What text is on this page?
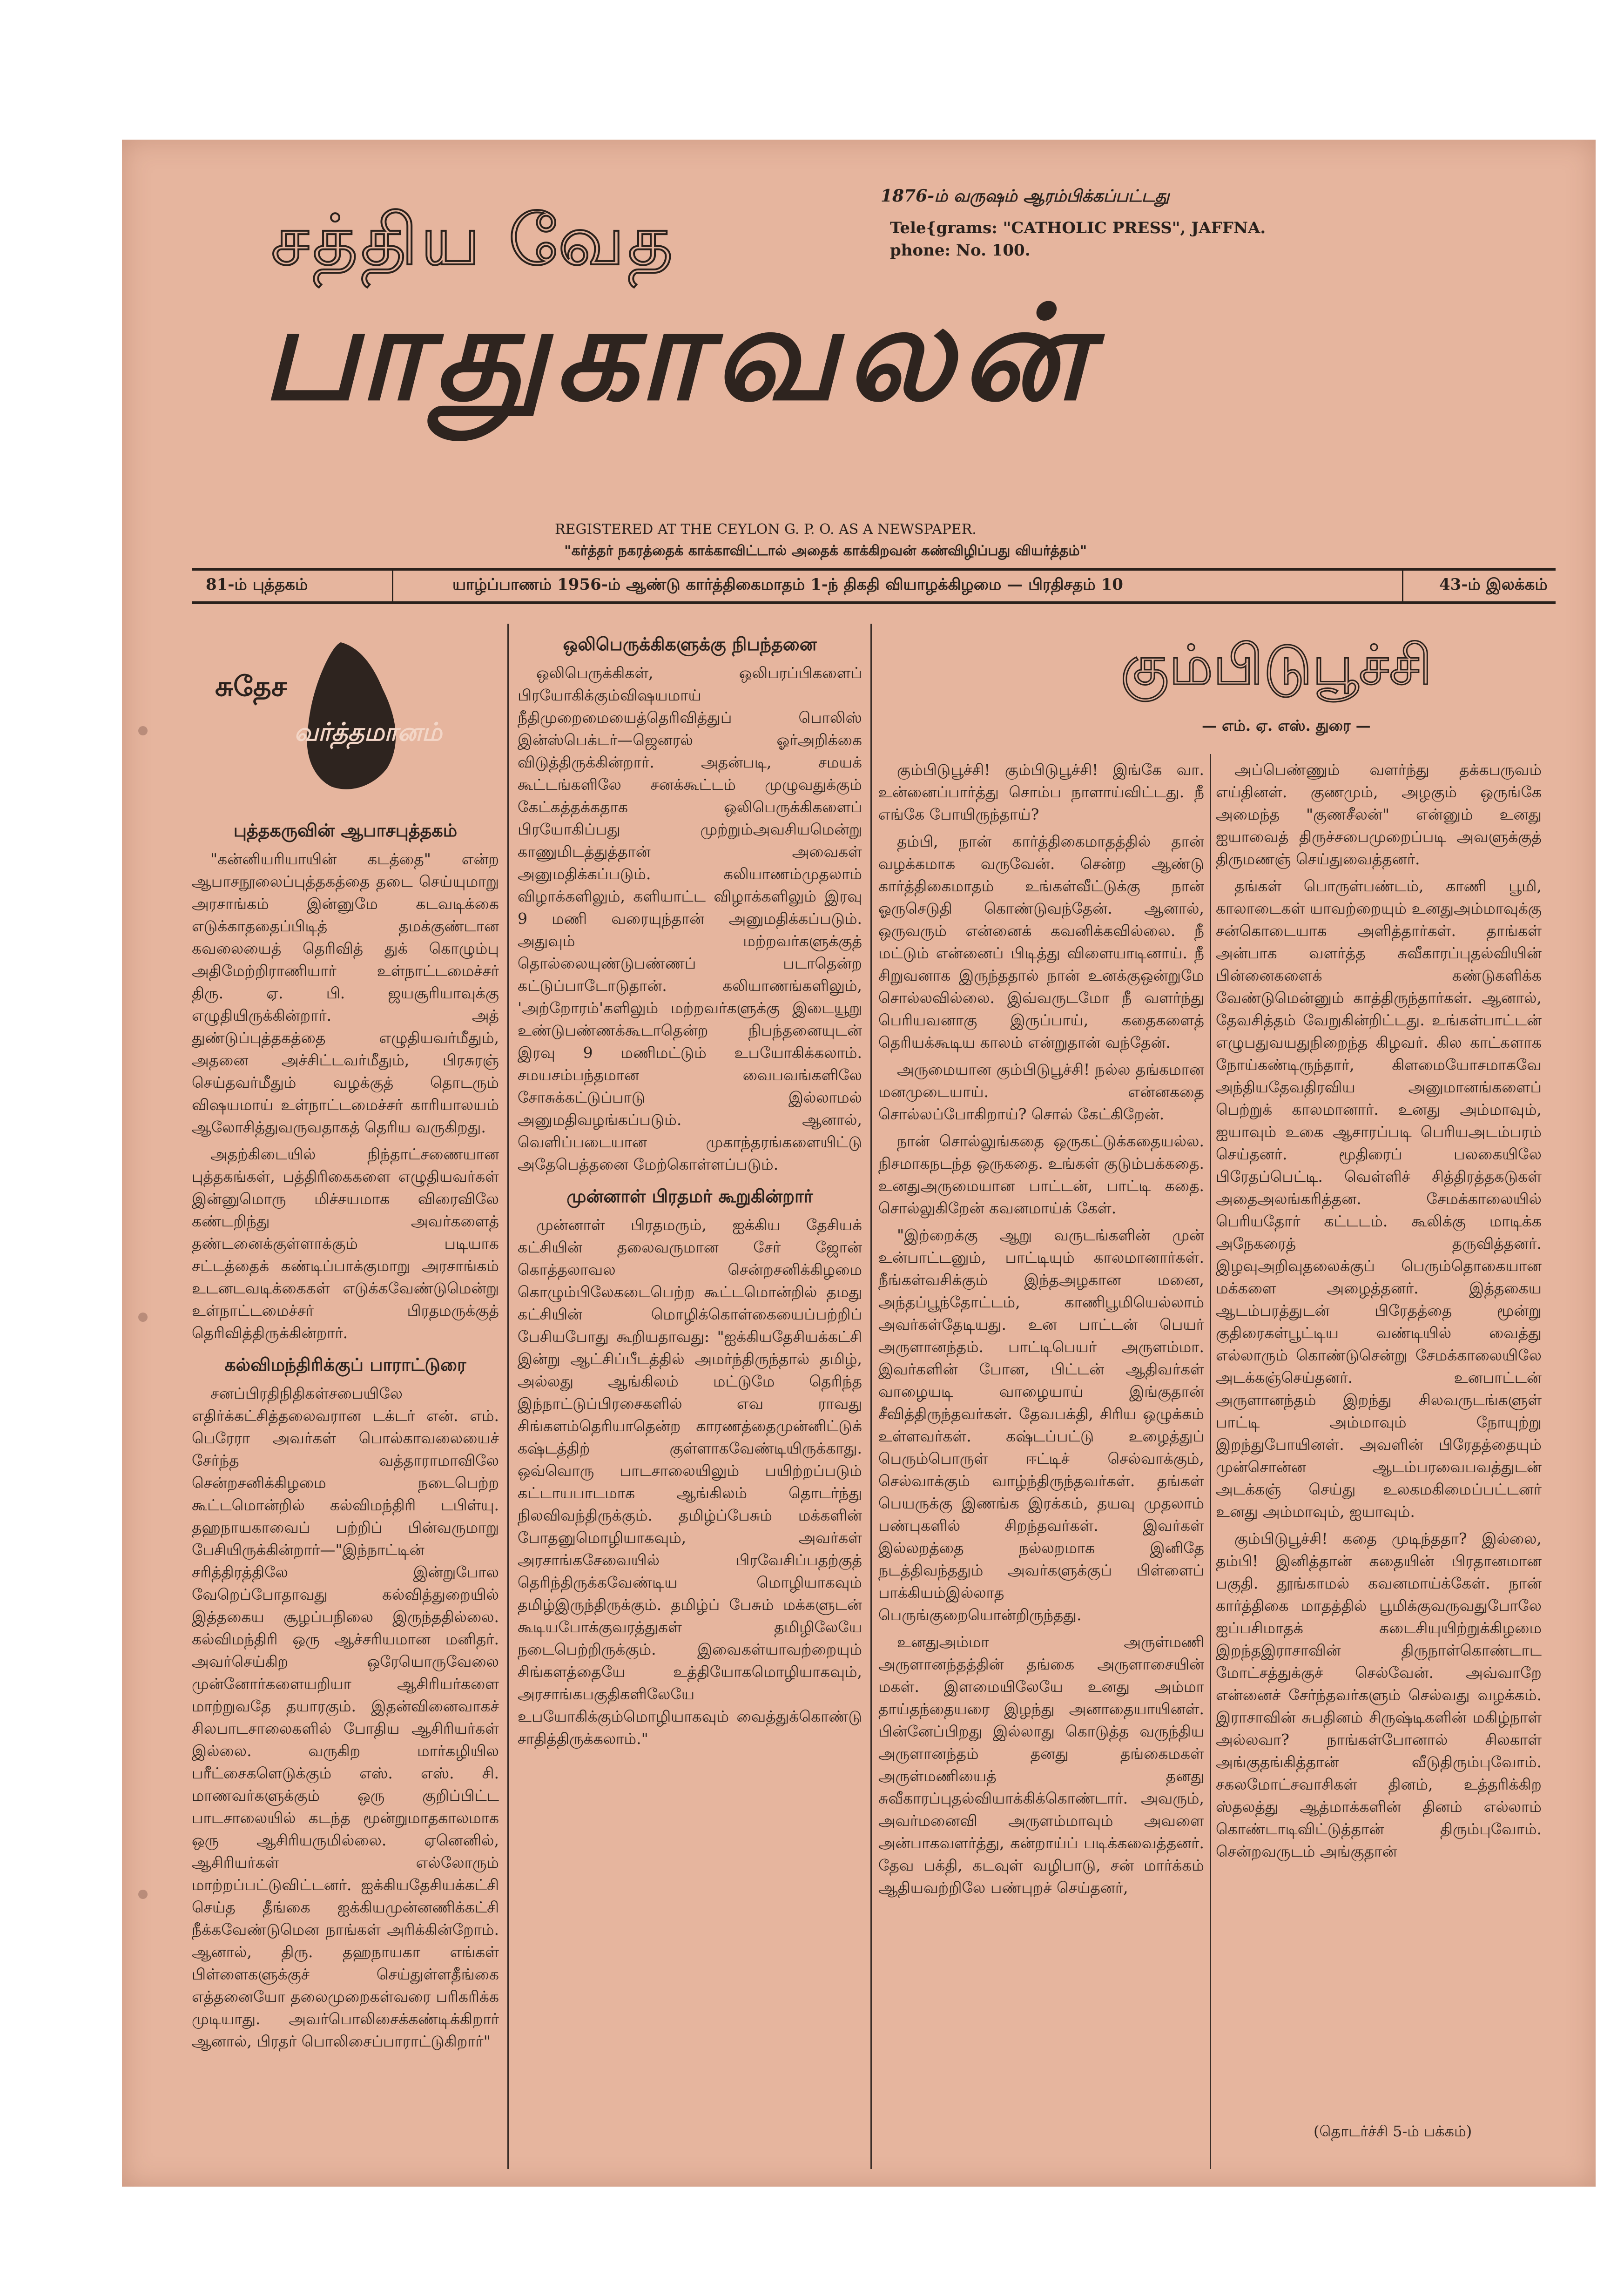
சத்திய வேத
பாதுகாவலன்
1876-ம் வருஷம் ஆரம்பிக்கப்பட்டது
Tele{grams: "CATHOLIC PRESS", JAFFNA.
phone: No. 100.
REGISTERED AT THE CEYLON G. P. O. AS A NEWSPAPER.
"கர்த்தர் நகரத்தைக் காக்காவிட்டால் அதைக் காக்கிறவன் கண்விழிப்பது வியர்த்தம்"
81-ம் புத்தகம்	யாழ்ப்பாணம் 1956-ம் ஆண்டு கார்த்திகைமாதம் 1-ந் திகதி வியாழக்கிழமை — பிரதிசதம் 10	43-ம் இலக்கம்
சுதேச
வர்த்தமானம்
புத்தகருவின் ஆபாசபுத்தகம்

"கன்னியரியாயின் கடத்தை" என்ற ஆபாசநூலைப்புத்தகத்தை தடை செய்யுமாறு அரசாங்கம் இன்னுமே கடவடிக்கை எடுக்காததைப்பிடித் தமக்குண்டான கவலையைத் தெரிவித் துக் கொழும்பு அதிமேற்றிராணியார் உள்நாட்டமைச்சர் திரு. ஏ. பி. ஜயசூரியாவுக்கு எழுதியிருக்கின்றார். அத் துண்டுப்புத்தகத்தை எழுதியவர்மீதும், அதனை அச்சிட்டவர்மீதும், பிரசுரஞ் செய்தவர்மீதும் வழக்குத் தொடரும் விஷயமாய் உள்நாட்டமைச்சர் காரியாலயம் ஆலோசித்துவருவதாகத் தெரிய வருகிறது.

அதற்கிடையில் நிந்தாட்சணையான புத்தகங்கள், பத்திரிகைகளை எழுதியவர்கள் இன்னுமொரு மிச்சயமாக விரைவிலே கண்டறிந்து அவர்களைத் தண்டனைக்குள்ளாக்கும் படியாக சட்டத்தைக் கண்டிப்பாக்குமாறு அரசாங்கம் உடனடவடிக்கைகள் எடுக்கவேண்டுமென்று உள்நாட்டமைச்சர் பிரதமருக்குத் தெரிவித்திருக்கின்றார்.

கல்விமந்திரிக்குப் பாராட்டுரை

சனப்பிரதிநிதிகள்சபையிலே எதிர்க்கட்சித்தலைவரான டக்டர் என். எம். பெரேரா அவர்கள் பொல்காவலையைச் சேர்ந்த வத்தாராமாவிலே சென்றசனிக்கிழமை நடைபெற்ற கூட்டமொன்றில் கல்விமந்திரி டபிள்யு. தஹநாயகாவைப் பற்றிப் பின்வருமாறு பேசியிருக்கின்றார்—"இந்நாட்டின் சரித்திரத்திலே இன்றுபோல வேறெப்போதாவது கல்வித்துறையில் இத்தகைய சூழப்பநிலை இருந்ததில்லை. கல்விமந்திரி ஒரு ஆச்சரியமான மனிதர். அவர்செய்கிற ஒரேயொருவேலை முன்னோர்களையறியா ஆசிரியர்களை மாற்றுவதே தயாரகும். இதன்வினைவாகச் சிலபாடசாலைகளில் போதிய ஆசிரியர்கள் இல்லை. வருகிற மார்கழியில பரீட்சைகளெடுக்கும் எஸ். எஸ். சி. மாணவர்களுக்கும் ஒரு குறிப்பிட்ட பாடசாலையில் கடந்த மூன்றுமாதகாலமாக ஒரு ஆசிரியருமில்லை. ஏனெனில், ஆசிரியர்கள் எல்லோரும் மாற்றப்பட்டுவிட்டனர். ஐக்கியதேசியக்கட்சி செய்த தீங்கை ஐக்கியமுன்னணிக்கட்சி நீக்கவேண்டுமென நாங்கள் அரிக்கின்றோம். ஆனால், திரு. தஹநாயகா எங்கள் பிள்ளைகளுக்குச் செய்துள்ளதீங்கை எத்தனையோ தலைமுறைகள்வரை பரிகரிக்க முடியாது. அவர்பொலிசைக்கண்டிக்கிறார் ஆனால், பிரதர் பொலிசைப்பாராட்டுகிறார்"

ஒலிபெருக்கிகளுக்கு நிபந்தனை

ஒலிபெருக்கிகள், ஒலிபரப்பிகளைப் பிரயோகிக்கும்விஷயமாய் நீதிமுறைமையைத்தெரிவித்துப் பொலிஸ் இன்ஸ்பெக்டர்—ஜெனரல் ஓர்அறிக்கை விடுத்திருக்கின்றார். அதன்படி, சமயக் கூட்டங்களிலே சனக்கூட்டம் முழுவதுக்கும் கேட்கத்தக்கதாக ஒலிபெருக்கிகளைப் பிரயோகிப்பது முற்றும்அவசியமென்று காணுமிடத்துத்தான் அவைகள் அனுமதிக்கப்படும். கலியாணம்முதலாம் விழாக்களிலும், களியாட்ட விழாக்களிலும் இரவு 9 மணி வரையுந்தான் அனுமதிக்கப்படும். அதுவும் மற்றவர்களுக்குத் தொல்லையுண்டுபண்ணப் படாதென்ற கட்டுப்பாடோடுதான். கலியாணங்களிலும், 'அற்றோரம்'களிலும் மற்றவர்களுக்கு இடையூறு உண்டுபண்ணக்கூடாதென்ற நிபந்தனையுடன் இரவு 9 மணிமட்டும் உபயோகிக்கலாம். சமயசம்பந்தமான வைபவங்களிலே சோசுக்கட்டுப்பாடு இல்லாமல் அனுமதிவழங்கப்படும். ஆனால், வெளிப்படையான முகாந்தரங்களையிட்டு அதேபெத்தனை மேற்கொள்ளப்படும்.

முன்னாள் பிரதமர் கூறுகின்றார்

முன்னாள் பிரதமரும், ஐக்கிய தேசியக் கட்சியின் தலைவருமான சேர் ஜோன் கொத்தலாவல சென்றசனிக்கிழமை கொழும்பிலேகடைபெற்ற கூட்டமொன்றில் தமது கட்சியின் மொழிக்கொள்கையைப்பற்றிப் பேசியபோது கூறியதாவது: "ஐக்கியதேசியக்கட்சி இன்று ஆட்சிப்பீடத்தில் அமர்ந்திருந்தால் தமிழ், அல்லது ஆங்கிலம் மட்டுமே தெரிந்த இந்நாட்டுப்பிரசைகளில் எவ ராவது சிங்களம்தெரியாதென்ற காரணத்தைமுன்னிட்டுக் கஷ்டத்திற் குள்ளாகவேண்டியிருக்காது. ஒவ்வொரு பாடசாலையிலும் பயிற்றப்படும் கட்டாயபாடமாக ஆங்கிலம் தொடர்ந்து நிலவிவந்திருக்கும். தமிழ்ப்பேசும் மக்களின் போதனுமொழியாகவும், அவர்கள் அரசாங்கசேவையில் பிரவேசிப்பதற்குத் தெரிந்திருக்கவேண்டிய மொழியாகவும் தமிழ்இருந்திருக்கும். தமிழ்ப் பேசும் மக்களுடன் கூடியபோக்குவரத்துகள் தமிழிலேயே நடைபெற்றிருக்கும். இவைகள்யாவற்றையும் சிங்களத்தையே உத்தியோகமொழியாகவும், அரசாங்கபகுதிகளிலேயே உபயோகிக்கும்மொழியாகவும் வைத்துக்கொண்டு சாதித்திருக்கலாம்."

கும்பிடுபூச்சி
— எம். ஏ. எஸ். துரை —

கும்பிடுபூச்சி! கும்பிடுபூச்சி! இங்கே வா. உன்னைப்பார்த்து சொம்ப நாளாய்விட்டது. நீ எங்கே போயிருந்தாய்?

தம்பி, நான் கார்த்திகைமாதத்தில் தான் வழக்கமாக வருவேன். சென்ற ஆண்டு கார்த்திகைமாதம் உங்கள்வீட்டுக்கு நான் ஓருசெடுதி கொண்டுவந்தேன். ஆனால், ஒருவரும் என்னைக் கவனிக்கவில்லை. நீ மட்டும் என்னைப் பிடித்து விளையாடினாய். நீ சிறுவனாக இருந்ததால் நான் உனக்குஒன்றுமே சொல்லவில்லை. இவ்வருடமோ நீ வளர்ந்து பெரியவனாகு இருப்பாய், கதைகளைத் தெரியக்கூடிய காலம் என்றுதான் வந்தேன்.

அருமையான கும்பிடுபூச்சி! நல்ல தங்கமான மனமுடையாய். என்னகதை சொல்லப்போகிறாய்? சொல் கேட்கிறேன்.

நான் சொல்லுங்கதை ஒருகட்டுக்கதையல்ல. நிசமாகநடந்த ஒருகதை. உங்கள் குடும்பக்கதை. உனதுஅருமையான பாட்டன், பாட்டி கதை. சொல்லுகிறேன் கவனமாய்க் கேள்.

"இற்றைக்கு ஆறு வருடங்களின் முன் உன்பாட்டனும், பாட்டியும் காலமானார்கள். நீங்கள்வசிக்கும் இந்தஅழகான மனை, அந்தப்பூந்தோட்டம், காணிபூமியெல்லாம் அவர்கள்தேடியது. உன பாட்டன் பெயர் அருளானந்தம். பாட்டிபெயர் அருளம்மா. இவர்களின் போன, பிட்டன் ஆதிவர்கள் வாழையடி வாழையாய் இங்குதான் சீவித்திருந்தவர்கள். தேவபக்தி, சிரிய ஒழுக்கம் உள்ளவர்கள். கஷ்டப்பட்டு உழைத்துப் பெரும்பொருள் ஈட்டிச் செல்வாக்கும், செல்வாக்கும் வாழ்ந்திருந்தவர்கள். தங்கள் பெயருக்கு இணங்க இரக்கம், தயவு முதலாம் பண்புகளில் சிறந்தவர்கள். இவர்கள் இல்லறத்தை நல்லறமாக இனிதே நடத்திவந்ததும் அவர்களுக்குப் பிள்ளைப் பாக்கியம்இல்லாத பெருங்குறையொன்றிருந்தது.

உனதுஅம்மா அருள்மணி அருளானந்தத்தின் தங்கை அருளாசையின் மகள். இளமையிலேயே உனது அம்மா தாய்தந்தையரை இழந்து அனாதையாயினள். பின்னேப்பிறது இல்லாது கொடுத்த வருந்திய அருளானந்தம் தனது தங்கைமகள் அருள்மணியைத் தனது சுவீகாரப்புதல்வியாக்கிக்கொண்டார். அவரும், அவர்மனைவி அருளம்மாவும் அவளை அன்பாகவளர்த்து, கன்றாய்ப் படிக்கவைத்தனர். தேவ பக்தி, கடவுள் வழிபாடு, சன் மார்க்கம் ஆதியவற்றிலே பண்புறச் செய்தனர்,

அப்பெண்ணும் வளர்ந்து தக்கபருவம் எய்தினள். குணமும், அழகும் ஒருங்கே அமைந்த "குணசீலன்" என்னும் உனது ஐயாவைத் திருச்சபைமுறைப்படி அவளுக்குத் திருமணஞ் செய்துவைத்தனர்.

தங்கள் பொருள்பண்டம், காணி பூமி, காலாடைகள் யாவற்றையும் உனதுஅம்மாவுக்கு சன்கொடையாக அளித்தார்கள். தாங்கள் அன்பாக வளர்த்த சுவீகாரப்புதல்வியின் பின்னைகளைக் கண்டுகளிக்க வேண்டுமென்னும் காத்திருந்தார்கள். ஆனால், தேவசித்தம் வேறுகின்றிட்டது. உங்கள்பாட்டன் எழுபதுவயதுநிறைந்த கிழவர். கில காட்களாக நோய்கண்டிருந்தார், கிளமையோசமாகவே அந்தியதேவதிரவிய அனுமானங்களைப் பெற்றுக் காலமானார். உனது அம்மாவும், ஐயாவும் உகை ஆசாரப்படி பெரியஅடம்பரம் செய்தனர். மூதிரைப் பலகையிலே பிரேதப்பெட்டி. வெள்ளிச் சித்திரத்தகடுகள் அதைஅலங்கரித்தன. சேமக்காலையில் பெரியதோர் கட்டடம். கூலிக்கு மாடிக்க அநேகரைத் தருவித்தனர். இழவுஅறிவுதலைக்குப் பெரும்தொகையான மக்களை அழைத்தனர். இத்தகைய ஆடம்பரத்துடன் பிரேதத்தை மூன்று குதிரைகள்பூட்டிய வண்டியில் வைத்து எல்லாரும் கொண்டுசென்று சேமக்காலையிலே அடக்கஞ்செய்தனர். உனபாட்டன் அருளானந்தம் இறந்து சிலவருடங்களுள் பாட்டி அம்மாவும் நோயுற்று இறந்துபோயினள். அவளின் பிரேதத்தையும் முன்சொன்ன ஆடம்பரவைபவத்துடன் அடக்கஞ் செய்து உலகமகிமைப்பட்டனர் உனது அம்மாவும், ஐயாவும்.

கும்பிடுபூச்சி! கதை முடிந்ததா? இல்லை, தம்பி! இனித்தான் கதையின் பிரதானமான பகுதி. தூங்காமல் கவனமாய்க்கேள். நான் கார்த்திகை மாதத்தில் பூமிக்குவருவதுபோலே ஐப்பசிமாதக் கடைசியுயிற்றுக்கிழமை இறந்தஇராசாவின் திருநாள்கொண்டாட மோட்சத்துக்குச் செல்வேன். அவ்வாறே என்னைச் சேர்ந்தவர்களும் செல்வது வழக்கம். இராசாவின் சுபதினம் சிருஷ்டிகளின் மகிழ்நாள் அல்லவா? நாங்கள்போனால் சிலகாள் அங்குதங்கித்தான் வீடுதிரும்புவோம். சகலமோட்சவாசிகள் தினம், உத்தரிக்கிற ஸ்தலத்து ஆத்மாக்களின் தினம் எல்லாம் கொண்டாடிவிட்டுத்தான் திரும்புவோம். சென்றவருடம் அங்குதான்

(தொடர்ச்சி 5-ம் பக்கம்)
